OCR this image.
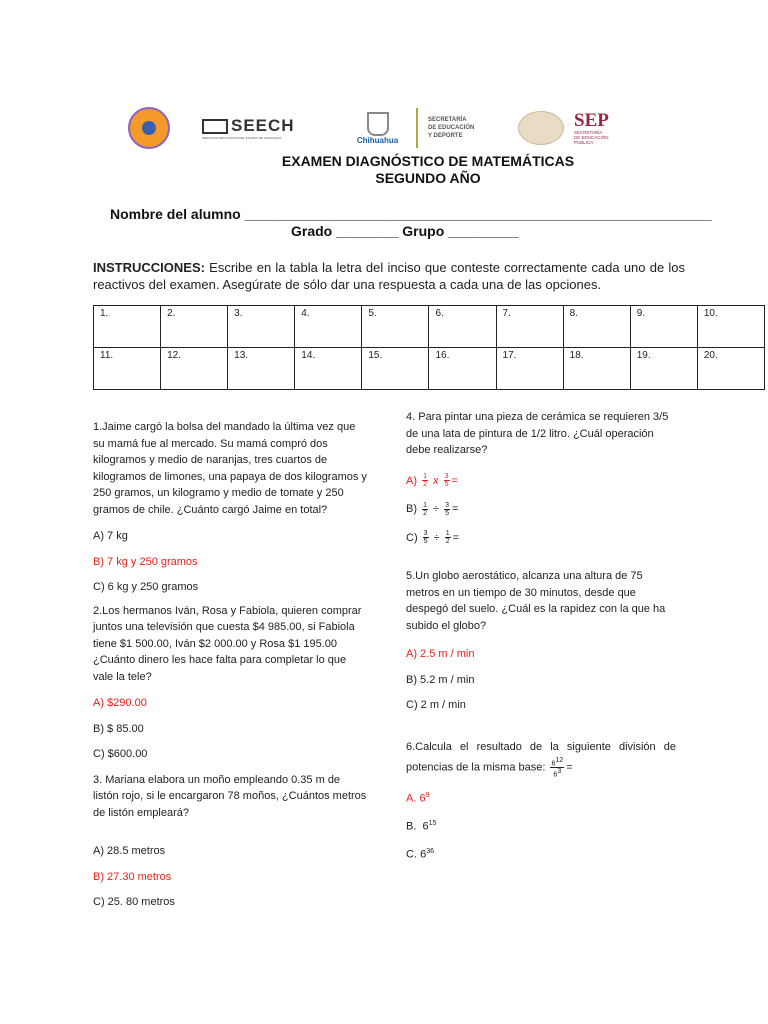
SEECH
SERVICIOS EDUCATIVOS DEL ESTADO DE CHIHUAHUA	Chihuahua
SECRETARÍA
DE EDUCACIÓN
Y DEPORTE
SEP
SECRETARÍA
DE EDUCACIÓN
PÚBLICA
EXAMEN DIAGNÓSTICO DE MATEMÁTICAS
SEGUNDO AÑO
Nombre del alumno ____________________________________________________________
Grado ________ Grupo _________
INSTRUCCIONES: Escribe en la tabla la letra del inciso que conteste correctamente cada uno de los reactivos del examen. Asegúrate de sólo dar una respuesta a cada una de las opciones.
1.	2.	3.	4.	5.	6.	7.	8.	9.	10.
11.	12.	13.	14.	15.	16.	17.	18.	19.	20.
1.Jaime cargó la bolsa del mandado la última vez que su mamá fue al mercado. Su mamá compró dos kilogramos y medio de naranjas, tres cuartos de kilogramos de limones, una papaya de dos kilogramos y 250 gramos, un kilogramo y medio de tomate y 250 gramos de chile. ¿Cuánto cargó Jaime en total?
A) 7 kg
B) 7 kg y 250 gramos
C) 6 kg y 250 gramos
2.Los hermanos Iván, Rosa y Fabiola, quieren comprar juntos una televisión que cuesta $4 985.00, si Fabiola tiene $1 500.00, Iván $2 000.00 y Rosa $1 195.00 ¿Cuánto dinero les hace falta para completar lo que vale la tele?
A) $290.00
B) $ 85.00
C) $600.00
3. Mariana elabora un moño empleando 0.35 m de listón rojo, si le encargaron 78 moños, ¿Cuántos metros de listón empleará?
A) 28.5 metros
B) 27.30 metros
C) 25. 80 metros
4. Para pintar una pieza de cerámica se requieren 3/5 de una lata de pintura de 1/2 litro. ¿Cuál operación debe realizarse?
$A) \frac{1}{2}$ x $\frac{3}{5}$ =
$B) \frac{1}{2} \div \frac{3}{5}$ =
$C) \frac{3}{5} \div \frac{1}{2}$ =
5.Un globo aerostático, alcanza una altura de 75 metros en un tiempo de 30 minutos, desde que despegó del suelo. ¿Cuál es la rapidez con la que ha subido el globo?
A) 2.5 m / min
B) 5.2 m / min
C) 2 m / min
6.Calcula el resultado de la siguiente división de potencias de la misma base: $\frac{6^{12}}{6^3}$ =
A. $6^9$
B. $6^{15}$
C. $6^{36}$
